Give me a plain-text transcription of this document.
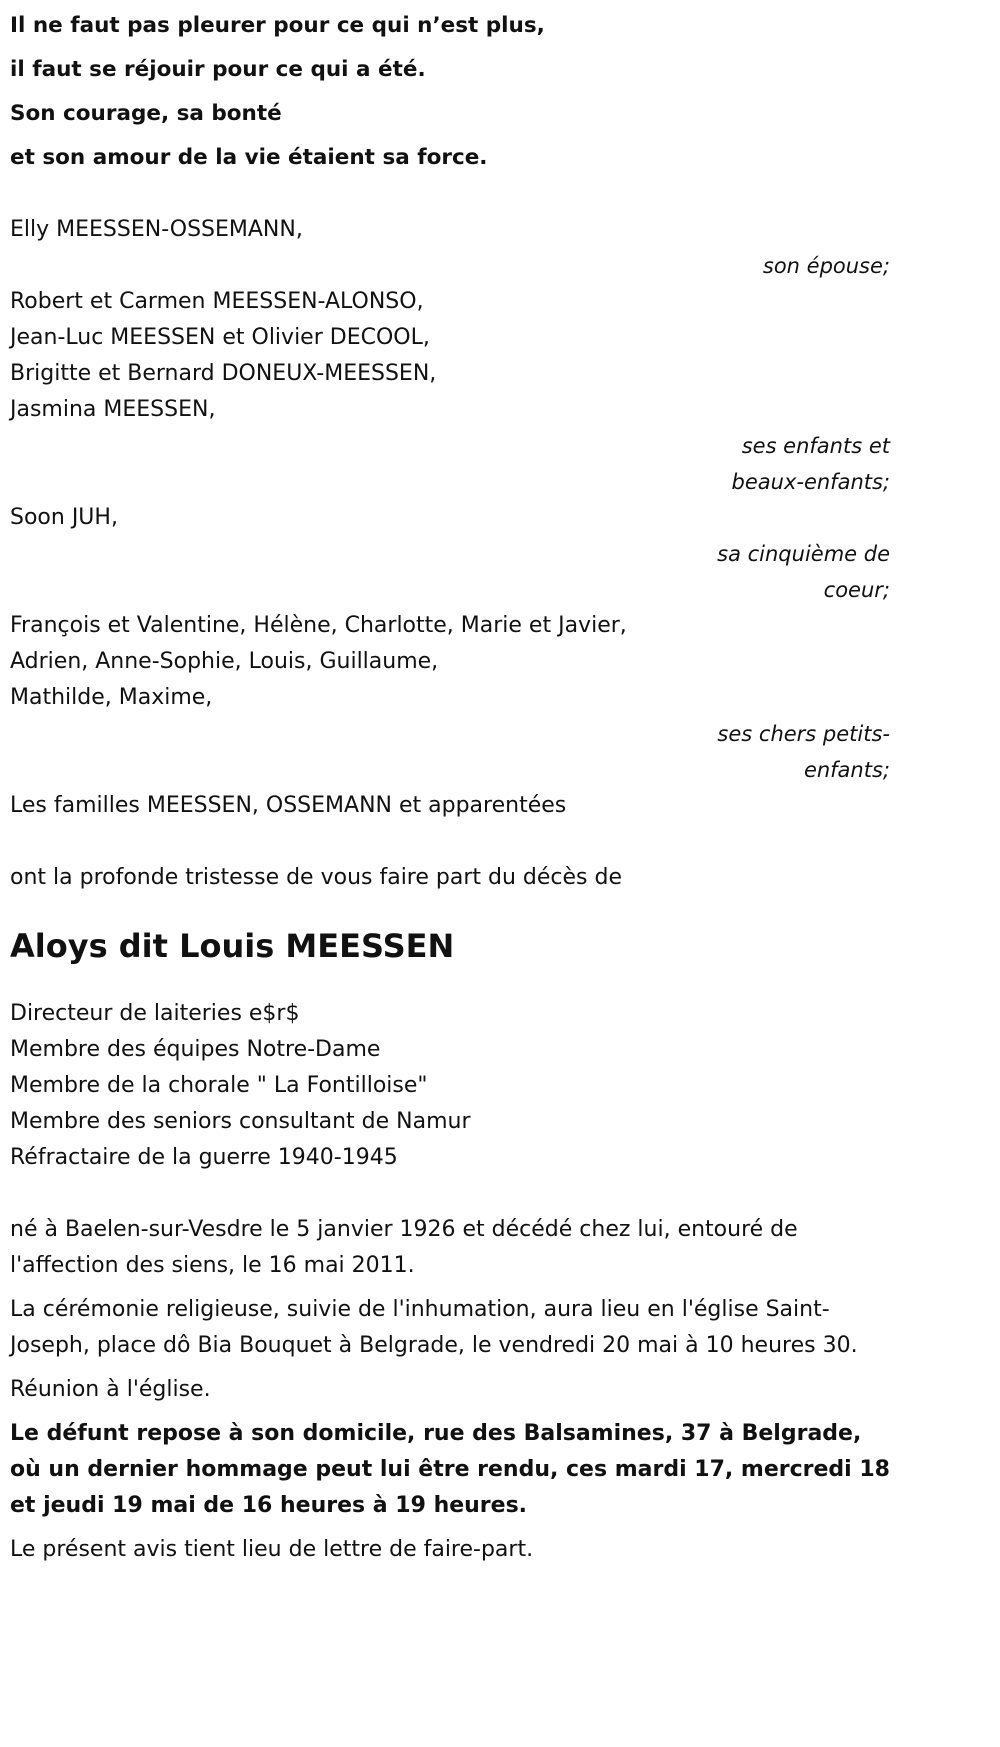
Il ne faut pas pleurer pour ce qui n’est plus,
il faut se réjouir pour ce qui a été.
Son courage, sa bonté
et son amour de la vie étaient sa force.
Elly MEESSEN-OSSEMANN,
son épouse;
Robert et Carmen MEESSEN-ALONSO,
Jean-Luc MEESSEN et Olivier DECOOL,
Brigitte et Bernard DONEUX-MEESSEN,
Jasmina MEESSEN,
ses enfants et
beaux-enfants;
Soon JUH,
sa cinquième de
coeur;
François et Valentine, Hélène, Charlotte, Marie et Javier,
Adrien, Anne-Sophie, Louis, Guillaume,
Mathilde, Maxime,
ses chers petits-
enfants;
Les familles MEESSEN, OSSEMANN et apparentées
ont la profonde tristesse de vous faire part du décès de
Aloys dit Louis MEESSEN
Directeur de laiteries e$r$
Membre des équipes Notre-Dame
Membre de la chorale " La Fontilloise"
Membre des seniors consultant de Namur
Réfractaire de la guerre 1940-1945
né à Baelen-sur-Vesdre le 5 janvier 1926 et décédé chez lui, entouré de l'affection des siens, le 16 mai 2011.
La cérémonie religieuse, suivie de l'inhumation, aura lieu en l'église Saint-Joseph, place dô Bia Bouquet à Belgrade, le vendredi 20 mai à 10 heures 30.
Réunion à l'église.
Le défunt repose à son domicile, rue des Balsamines, 37 à Belgrade, où un dernier hommage peut lui être rendu, ces mardi 17, mercredi 18 et jeudi 19 mai de 16 heures à 19 heures.
Le présent avis tient lieu de lettre de faire-part.
